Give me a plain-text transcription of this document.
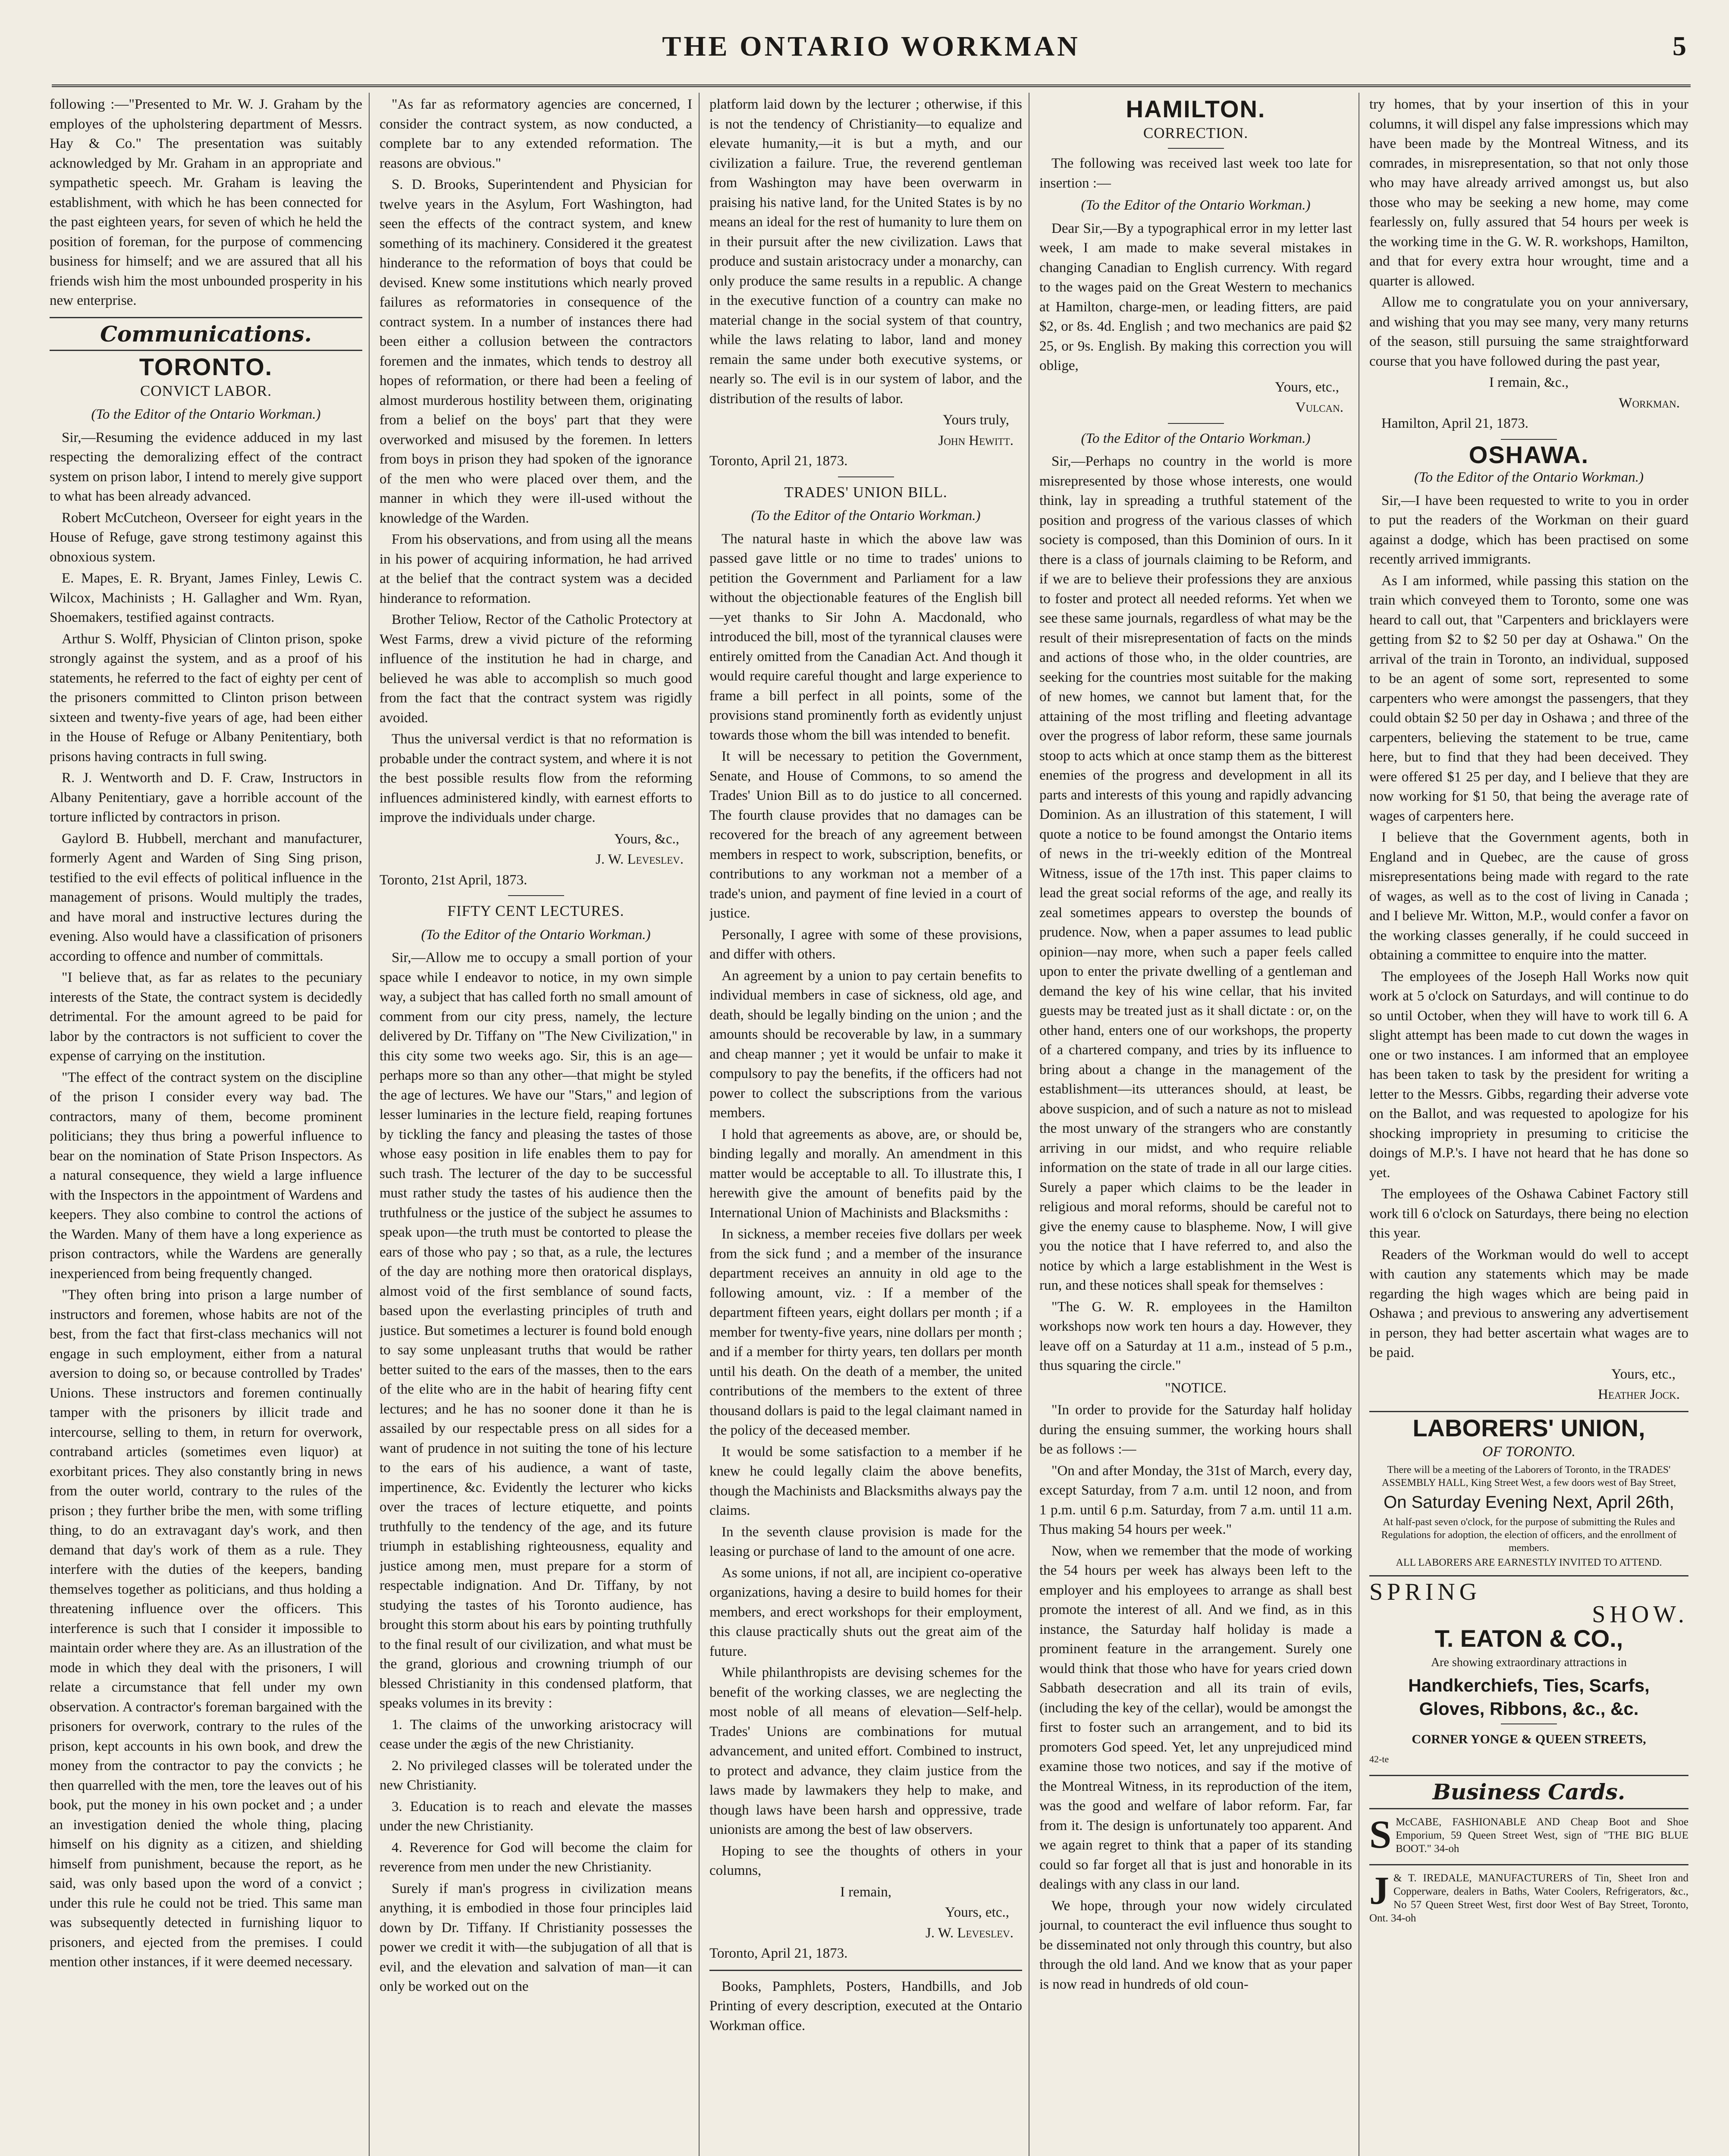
THE ONTARIO WORKMAN	5

following :—"Presented to Mr. W. J. Graham by the employes of the upholstering department of Messrs. Hay & Co." The presentation was suitably acknowledged by Mr. Graham in an appropriate and sympathetic speech. Mr. Graham is leaving the establishment, with which he has been connected for the past eighteen years, for seven of which he held the position of foreman, for the purpose of commencing business for himself; and we are assured that all his friends wish him the most unbounded prosperity in his new enterprise.

Communications.
TORONTO.
CONVICT LABOR.
(To the Editor of the Ontario Workman.)

Sir,—Resuming the evidence adduced in my last respecting the demoralizing effect of the contract system on prison labor, I intend to merely give support to what has been already advanced.

Robert McCutcheon, Overseer for eight years in the House of Refuge, gave strong testimony against this obnoxious system.

E. Mapes, E. R. Bryant, James Finley, Lewis C. Wilcox, Machinists ; H. Gallagher and Wm. Ryan, Shoemakers, testified against contracts.

Arthur S. Wolff, Physician of Clinton prison, spoke strongly against the system, and as a proof of his statements, he referred to the fact of eighty per cent of the prisoners committed to Clinton prison between sixteen and twenty-five years of age, had been either in the House of Refuge or Albany Penitentiary, both prisons having contracts in full swing.

R. J. Wentworth and D. F. Craw, Instructors in Albany Penitentiary, gave a horrible account of the torture inflicted by contractors in prison.

Gaylord B. Hubbell, merchant and manufacturer, formerly Agent and Warden of Sing Sing prison, testified to the evil effects of political influence in the management of prisons. Would multiply the trades, and have moral and instructive lectures during the evening. Also would have a classification of prisoners according to offence and number of committals.

"I believe that, as far as relates to the pecuniary interests of the State, the contract system is decidedly detrimental. For the amount agreed to be paid for labor by the contractors is not sufficient to cover the expense of carrying on the institution.

"The effect of the contract system on the discipline of the prison I consider every way bad. The contractors, many of them, become prominent politicians; they thus bring a powerful influence to bear on the nomination of State Prison Inspectors. As a natural consequence, they wield a large influence with the Inspectors in the appointment of Wardens and keepers. They also combine to control the actions of the Warden. Many of them have a long experience as prison contractors, while the Wardens are generally inexperienced from being frequently changed.

"They often bring into prison a large number of instructors and foremen, whose habits are not of the best, from the fact that first-class mechanics will not engage in such employment, either from a natural aversion to doing so, or because controlled by Trades' Unions. These instructors and foremen continually tamper with the prisoners by illicit trade and intercourse, selling to them, in return for overwork, contraband articles (sometimes even liquor) at exorbitant prices. They also constantly bring in news from the outer world, contrary to the rules of the prison ; they further bribe the men, with some trifling thing, to do an extravagant day's work, and then demand that day's work of them as a rule. They interfere with the duties of the keepers, banding themselves together as politicians, and thus holding a threatening influence over the officers. This interference is such that I consider it impossible to maintain order where they are. As an illustration of the mode in which they deal with the prisoners, I will relate a circumstance that fell under my own observation. A contractor's foreman bargained with the prisoners for overwork, contrary to the rules of the prison, kept accounts in his own book, and drew the money from the contractor to pay the convicts ; he then quarrelled with the men, tore the leaves out of his book, put the money in his own pocket and ; a under an investigation denied the whole thing, placing himself on his dignity as a citizen, and shielding himself from punishment, because the report, as he said, was only based upon the word of a convict ; under this rule he could not be tried. This same man was subsequently detected in furnishing liquor to prisoners, and ejected from the premises. I could mention other instances, if it were deemed necessary.

"As far as reformatory agencies are concerned, I consider the contract system, as now conducted, a complete bar to any extended reformation. The reasons are obvious."

S. D. Brooks, Superintendent and Physician for twelve years in the Asylum, Fort Washington, had seen the effects of the contract system, and knew something of its machinery. Considered it the greatest hinderance to the reformation of boys that could be devised. Knew some institutions which nearly proved failures as reformatories in consequence of the contract system. In a number of instances there had been either a collusion between the contractors foremen and the inmates, which tends to destroy all hopes of reformation, or there had been a feeling of almost murderous hostility between them, originating from a belief on the boys' part that they were overworked and misused by the foremen. In letters from boys in prison they had spoken of the ignorance of the men who were placed over them, and the manner in which they were ill-used without the knowledge of the Warden.

From his observations, and from using all the means in his power of acquiring information, he had arrived at the belief that the contract system was a decided hinderance to reformation.

Brother Teliow, Rector of the Catholic Protectory at West Farms, drew a vivid picture of the reforming influence of the institution he had in charge, and believed he was able to accomplish so much good from the fact that the contract system was rigidly avoided.

Thus the universal verdict is that no reformation is probable under the contract system, and where it is not the best possible results flow from the reforming influences administered kindly, with earnest efforts to improve the individuals under charge.

Yours, &c.,
J. W. Leveslev.

Toronto, 21st April, 1873.

FIFTY CENT LECTURES.
(To the Editor of the Ontario Workman.)

Sir,—Allow me to occupy a small portion of your space while I endeavor to notice, in my own simple way, a subject that has called forth no small amount of comment from our city press, namely, the lecture delivered by Dr. Tiffany on "The New Civilization," in this city some two weeks ago. Sir, this is an age—perhaps more so than any other—that might be styled the age of lectures. We have our "Stars," and legion of lesser luminaries in the lecture field, reaping fortunes by tickling the fancy and pleasing the tastes of those whose easy position in life enables them to pay for such trash. The lecturer of the day to be successful must rather study the tastes of his audience then the truthfulness or the justice of the subject he assumes to speak upon—the truth must be contorted to please the ears of those who pay ; so that, as a rule, the lectures of the day are nothing more then oratorical displays, almost void of the first semblance of sound facts, based upon the everlasting principles of truth and justice. But sometimes a lecturer is found bold enough to say some unpleasant truths that would be rather better suited to the ears of the masses, then to the ears of the elite who are in the habit of hearing fifty cent lectures; and he has no sooner done it than he is assailed by our respectable press on all sides for a want of prudence in not suiting the tone of his lecture to the ears of his audience, a want of taste, impertinence, &c. Evidently the lecturer who kicks over the traces of lecture etiquette, and points truthfully to the tendency of the age, and its future triumph in establishing righteousness, equality and justice among men, must prepare for a storm of respectable indignation. And Dr. Tiffany, by not studying the tastes of his Toronto audience, has brought this storm about his ears by pointing truthfully to the final result of our civilization, and what must be the grand, glorious and crowning triumph of our blessed Christianity in this condensed platform, that speaks volumes in its brevity :

1. The claims of the unworking aristocracy will cease under the ægis of the new Christianity.

2. No privileged classes will be tolerated under the new Christianity.

3. Education is to reach and elevate the masses under the new Christianity.

4. Reverence for God will become the claim for reverence from men under the new Christianity.

Surely if man's progress in civilization means anything, it is embodied in those four principles laid down by Dr. Tiffany. If Christianity possesses the power we credit it with—the subjugation of all that is evil, and the elevation and salvation of man—it can only be worked out on the

platform laid down by the lecturer ; otherwise, if this is not the tendency of Christianity—to equalize and elevate humanity,—it is but a myth, and our civilization a failure. True, the reverend gentleman from Washington may have been overwarm in praising his native land, for the United States is by no means an ideal for the rest of humanity to lure them on in their pursuit after the new civilization. Laws that produce and sustain aristocracy under a monarchy, can only produce the same results in a republic. A change in the executive function of a country can make no material change in the social system of that country, while the laws relating to labor, land and money remain the same under both executive systems, or nearly so. The evil is in our system of labor, and the distribution of the results of labor.

Yours truly,
John Hewitt.

Toronto, April 21, 1873.

TRADES' UNION BILL.
(To the Editor of the Ontario Workman.)

The natural haste in which the above law was passed gave little or no time to trades' unions to petition the Government and Parliament for a law without the objectionable features of the English bill—yet thanks to Sir John A. Macdonald, who introduced the bill, most of the tyrannical clauses were entirely omitted from the Canadian Act. And though it would require careful thought and large experience to frame a bill perfect in all points, some of the provisions stand prominently forth as evidently unjust towards those whom the bill was intended to benefit.

It will be necessary to petition the Government, Senate, and House of Commons, to so amend the Trades' Union Bill as to do justice to all concerned. The fourth clause provides that no damages can be recovered for the breach of any agreement between members in respect to work, subscription, benefits, or contributions to any workman not a member of a trade's union, and payment of fine levied in a court of justice.

Personally, I agree with some of these provisions, and differ with others.

An agreement by a union to pay certain benefits to individual members in case of sickness, old age, and death, should be legally binding on the union ; and the amounts should be recoverable by law, in a summary and cheap manner ; yet it would be unfair to make it compulsory to pay the benefits, if the officers had not power to collect the subscriptions from the various members.

I hold that agreements as above, are, or should be, binding legally and morally. An amendment in this matter would be acceptable to all. To illustrate this, I herewith give the amount of benefits paid by the International Union of Machinists and Blacksmiths :

In sickness, a member receies five dollars per week from the sick fund ; and a member of the insurance department receives an annuity in old age to the following amount, viz. : If a member of the department fifteen years, eight dollars per month ; if a member for twenty-five years, nine dollars per month ; and if a member for thirty years, ten dollars per month until his death. On the death of a member, the united contributions of the members to the extent of three thousand dollars is paid to the legal claimant named in the policy of the deceased member.

It would be some satisfaction to a member if he knew he could legally claim the above benefits, though the Machinists and Blacksmiths always pay the claims.

In the seventh clause provision is made for the leasing or purchase of land to the amount of one acre.

As some unions, if not all, are incipient co-operative organizations, having a desire to build homes for their members, and erect workshops for their employment, this clause practically shuts out the great aim of the future.

While philanthropists are devising schemes for the benefit of the working classes, we are neglecting the most noble of all means of elevation—Self-help. Trades' Unions are combinations for mutual advancement, and united effort. Combined to instruct, to protect and advance, they claim justice from the laws made by lawmakers they help to make, and though laws have been harsh and oppressive, trade unionists are among the best of law observers.

Hoping to see the thoughts of others in your columns,

I remain,
Yours, etc.,
J. W. Leveslev.

Toronto, April 21, 1873.

Books, Pamphlets, Posters, Handbills, and Job Printing of every description, executed at the Ontario Workman office.

HAMILTON.
CORRECTION.

The following was received last week too late for insertion :—

(To the Editor of the Ontario Workman.)

Dear Sir,—By a typographical error in my letter last week, I am made to make several mistakes in changing Canadian to English currency. With regard to the wages paid on the Great Western to mechanics at Hamilton, charge-men, or leading fitters, are paid $2, or 8s. 4d. English ; and two mechanics are paid $2 25, or 9s. English. By making this correction you will oblige,

Yours, etc.,
Vulcan.
(To the Editor of the Ontario Workman.)

Sir,—Perhaps no country in the world is more misrepresented by those whose interests, one would think, lay in spreading a truthful statement of the position and progress of the various classes of which society is composed, than this Dominion of ours. In it there is a class of journals claiming to be Reform, and if we are to believe their professions they are anxious to foster and protect all needed reforms. Yet when we see these same journals, regardless of what may be the result of their misrepresentation of facts on the minds and actions of those who, in the older countries, are seeking for the countries most suitable for the making of new homes, we cannot but lament that, for the attaining of the most trifling and fleeting advantage over the progress of labor reform, these same journals stoop to acts which at once stamp them as the bitterest enemies of the progress and development in all its parts and interests of this young and rapidly advancing Dominion. As an illustration of this statement, I will quote a notice to be found amongst the Ontario items of news in the tri-weekly edition of the Montreal Witness, issue of the 17th inst. This paper claims to lead the great social reforms of the age, and really its zeal sometimes appears to overstep the bounds of prudence. Now, when a paper assumes to lead public opinion—nay more, when such a paper feels called upon to enter the private dwelling of a gentleman and demand the key of his wine cellar, that his invited guests may be treated just as it shall dictate : or, on the other hand, enters one of our workshops, the property of a chartered company, and tries by its influence to bring about a change in the management of the establishment—its utterances should, at least, be above suspicion, and of such a nature as not to mislead the most unwary of the strangers who are constantly arriving in our midst, and who require reliable information on the state of trade in all our large cities. Surely a paper which claims to be the leader in religious and moral reforms, should be careful not to give the enemy cause to blaspheme. Now, I will give you the notice that I have referred to, and also the notice by which a large establishment in the West is run, and these notices shall speak for themselves :

"The G. W. R. employees in the Hamilton workshops now work ten hours a day. However, they leave off on a Saturday at 11 a.m., instead of 5 p.m., thus squaring the circle."

"NOTICE.

"In order to provide for the Saturday half holiday during the ensuing summer, the working hours shall be as follows :—

"On and after Monday, the 31st of March, every day, except Saturday, from 7 a.m. until 12 noon, and from 1 p.m. until 6 p.m. Saturday, from 7 a.m. until 11 a.m. Thus making 54 hours per week."

Now, when we remember that the mode of working the 54 hours per week has always been left to the employer and his employees to arrange as shall best promote the interest of all. And we find, as in this instance, the Saturday half holiday is made a prominent feature in the arrangement. Surely one would think that those who have for years cried down Sabbath desecration and all its train of evils, (including the key of the cellar), would be amongst the first to foster such an arrangement, and to bid its promoters God speed. Yet, let any unprejudiced mind examine those two notices, and say if the motive of the Montreal Witness, in its reproduction of the item, was the good and welfare of labor reform. Far, far from it. The design is unfortunately too apparent. And we again regret to think that a paper of its standing could so far forget all that is just and honorable in its dealings with any class in our land.

We hope, through your now widely circulated journal, to counteract the evil influence thus sought to be disseminated not only through this country, but also through the old land. And we know that as your paper is now read in hundreds of old coun-

try homes, that by your insertion of this in your columns, it will dispel any false impressions which may have been made by the Montreal Witness, and its comrades, in misrepresentation, so that not only those who may have already arrived amongst us, but also those who may be seeking a new home, may come fearlessly on, fully assured that 54 hours per week is the working time in the G. W. R. workshops, Hamilton, and that for every extra hour wrought, time and a quarter is allowed.

Allow me to congratulate you on your anniversary, and wishing that you may see many, very many returns of the season, still pursuing the same straightforward course that you have followed during the past year,

I remain, &c.,
Workman.

Hamilton, April 21, 1873.

OSHAWA.
(To the Editor of the Ontario Workman.)

Sir,—I have been requested to write to you in order to put the readers of the Workman on their guard against a dodge, which has been practised on some recently arrived immigrants.

As I am informed, while passing this station on the train which conveyed them to Toronto, some one was heard to call out, that "Carpenters and bricklayers were getting from $2 to $2 50 per day at Oshawa." On the arrival of the train in Toronto, an individual, supposed to be an agent of some sort, represented to some carpenters who were amongst the passengers, that they could obtain $2 50 per day in Oshawa ; and three of the carpenters, believing the statement to be true, came here, but to find that they had been deceived. They were offered $1 25 per day, and I believe that they are now working for $1 50, that being the average rate of wages of carpenters here.

I believe that the Government agents, both in England and in Quebec, are the cause of gross misrepresentations being made with regard to the rate of wages, as well as to the cost of living in Canada ; and I believe Mr. Witton, M.P., would confer a favor on the working classes generally, if he could succeed in obtaining a committee to enquire into the matter.

The employees of the Joseph Hall Works now quit work at 5 o'clock on Saturdays, and will continue to do so until October, when they will have to work till 6. A slight attempt has been made to cut down the wages in one or two instances. I am informed that an employee has been taken to task by the president for writing a letter to the Messrs. Gibbs, regarding their adverse vote on the Ballot, and was requested to apologize for his shocking impropriety in presuming to criticise the doings of M.P.'s. I have not heard that he has done so yet.

The employees of the Oshawa Cabinet Factory still work till 6 o'clock on Saturdays, there being no election this year.

Readers of the Workman would do well to accept with caution any statements which may be made regarding the high wages which are being paid in Oshawa ; and previous to answering any advertisement in person, they had better ascertain what wages are to be paid.

Yours, etc.,
Heather Jock.
LABORERS' UNION,
OF TORONTO.
There will be a meeting of the Laborers of Toronto, in the TRADES' ASSEMBLY HALL, King Street West, a few doors west of Bay Street,
On Saturday Evening Next, April 26th,
At half-past seven o'clock, for the purpose of submitting the Rules and Regulations for adoption, the election of officers, and the enrollment of members.
ALL LABORERS ARE EARNESTLY INVITED TO ATTEND.
SPRING
SHOW.
T. EATON & CO.,
Are showing extraordinary attractions in
Handkerchiefs, Ties, Scarfs,
Gloves, Ribbons, &c., &c.
CORNER YONGE & QUEEN STREETS,
42-te
Business Cards.
S McCABE, FASHIONABLE AND Cheap Boot and Shoe Emporium, 59 Queen Street West, sign of "THE BIG BLUE BOOT." 34-oh
J & T. IREDALE, MANUFACTURERS of Tin, Sheet Iron and Copperware, dealers in Baths, Water Coolers, Refrigerators, &c., No 57 Queen Street West, first door West of Bay Street, Toronto, Ont. 34-oh
